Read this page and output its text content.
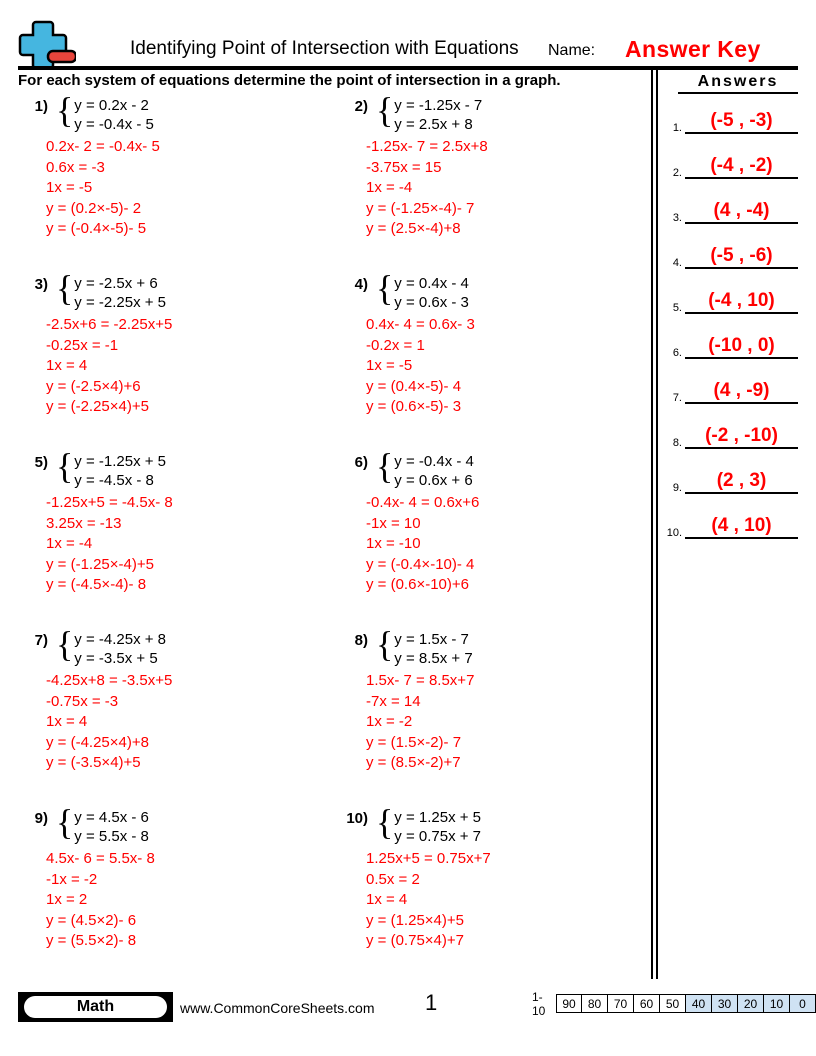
Identifying Point of Intersection with Equations	Name: Answer Key
For each system of equations determine the point of intersection in a graph.
1) { y = 0.2x - 2
y = -0.4x - 5
0.2x- 2 = -0.4x- 5
0.6x = -3
1x = -5
y = (0.2×-5)- 2
y = (-0.4×-5)- 5
2) { y = -1.25x - 7
y = 2.5x + 8
-1.25x- 7 = 2.5x+8
-3.75x = 15
1x = -4
y = (-1.25×-4)- 7
y = (2.5×-4)+8
3) { y = -2.5x + 6
y = -2.25x + 5
-2.5x+6 = -2.25x+5
-0.25x = -1
1x = 4
y = (-2.5×4)+6
y = (-2.25×4)+5
4) { y = 0.4x - 4
y = 0.6x - 3
0.4x- 4 = 0.6x- 3
-0.2x = 1
1x = -5
y = (0.4×-5)- 4
y = (0.6×-5)- 3
5) { y = -1.25x + 5
y = -4.5x - 8
-1.25x+5 = -4.5x- 8
3.25x = -13
1x = -4
y = (-1.25×-4)+5
y = (-4.5×-4)- 8
6) { y = -0.4x - 4
y = 0.6x + 6
-0.4x- 4 = 0.6x+6
-1x = 10
1x = -10
y = (-0.4×-10)- 4
y = (0.6×-10)+6
7) { y = -4.25x + 8
y = -3.5x + 5
-4.25x+8 = -3.5x+5
-0.75x = -3
1x = 4
y = (-4.25×4)+8
y = (-3.5×4)+5
8) { y = 1.5x - 7
y = 8.5x + 7
1.5x- 7 = 8.5x+7
-7x = 14
1x = -2
y = (1.5×-2)- 7
y = (8.5×-2)+7
9) { y = 4.5x - 6
y = 5.5x - 8
4.5x- 6 = 5.5x- 8
-1x = -2
1x = 2
y = (4.5×2)- 6
y = (5.5×2)- 8
10) { y = 1.25x + 5
y = 0.75x + 7
1.25x+5 = 0.75x+7
0.5x = 2
1x = 4
y = (1.25×4)+5
y = (0.75×4)+7
Answers
1.	(-5 , -3)
2.	(-4 , -2)
3.	(4 , -4)
4.	(-5 , -6)
5.	(-4 , 10)
6.	(-10 , 0)
7.	(4 , -9)
8.	(-2 , -10)
9.	(2 , 3)
10.	(4 , 10)
Math	www.CommonCoreSheets.com 1	1-10	90	80	70	60	50	40	30	20	10	0
